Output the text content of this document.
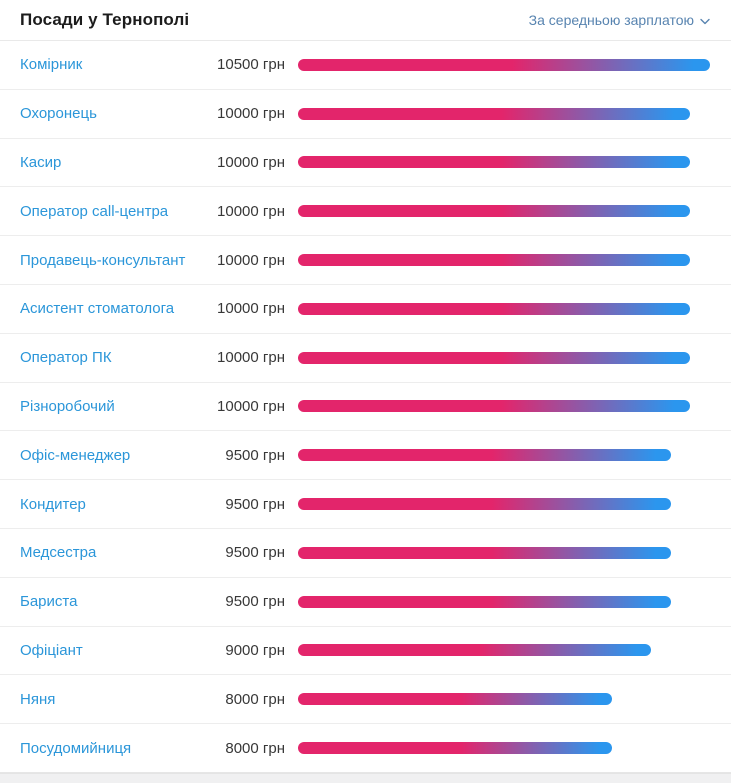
Посади у Тернополі	За середньою зарплатою
Комірник	10500 грн
Охоронець	10000 грн
Касир	10000 грн
Оператор call-центра	10000 грн
Продавець-консультант	10000 грн
Асистент стоматолога	10000 грн
Оператор ПК	10000 грн
Різноробочий	10000 грн
Офіс-менеджер	9500 грн
Кондитер	9500 грн
Медсестра	9500 грн
Бариста	9500 грн
Офіціант	9000 грн
Няня	8000 грн
Посудомийниця	8000 грн
